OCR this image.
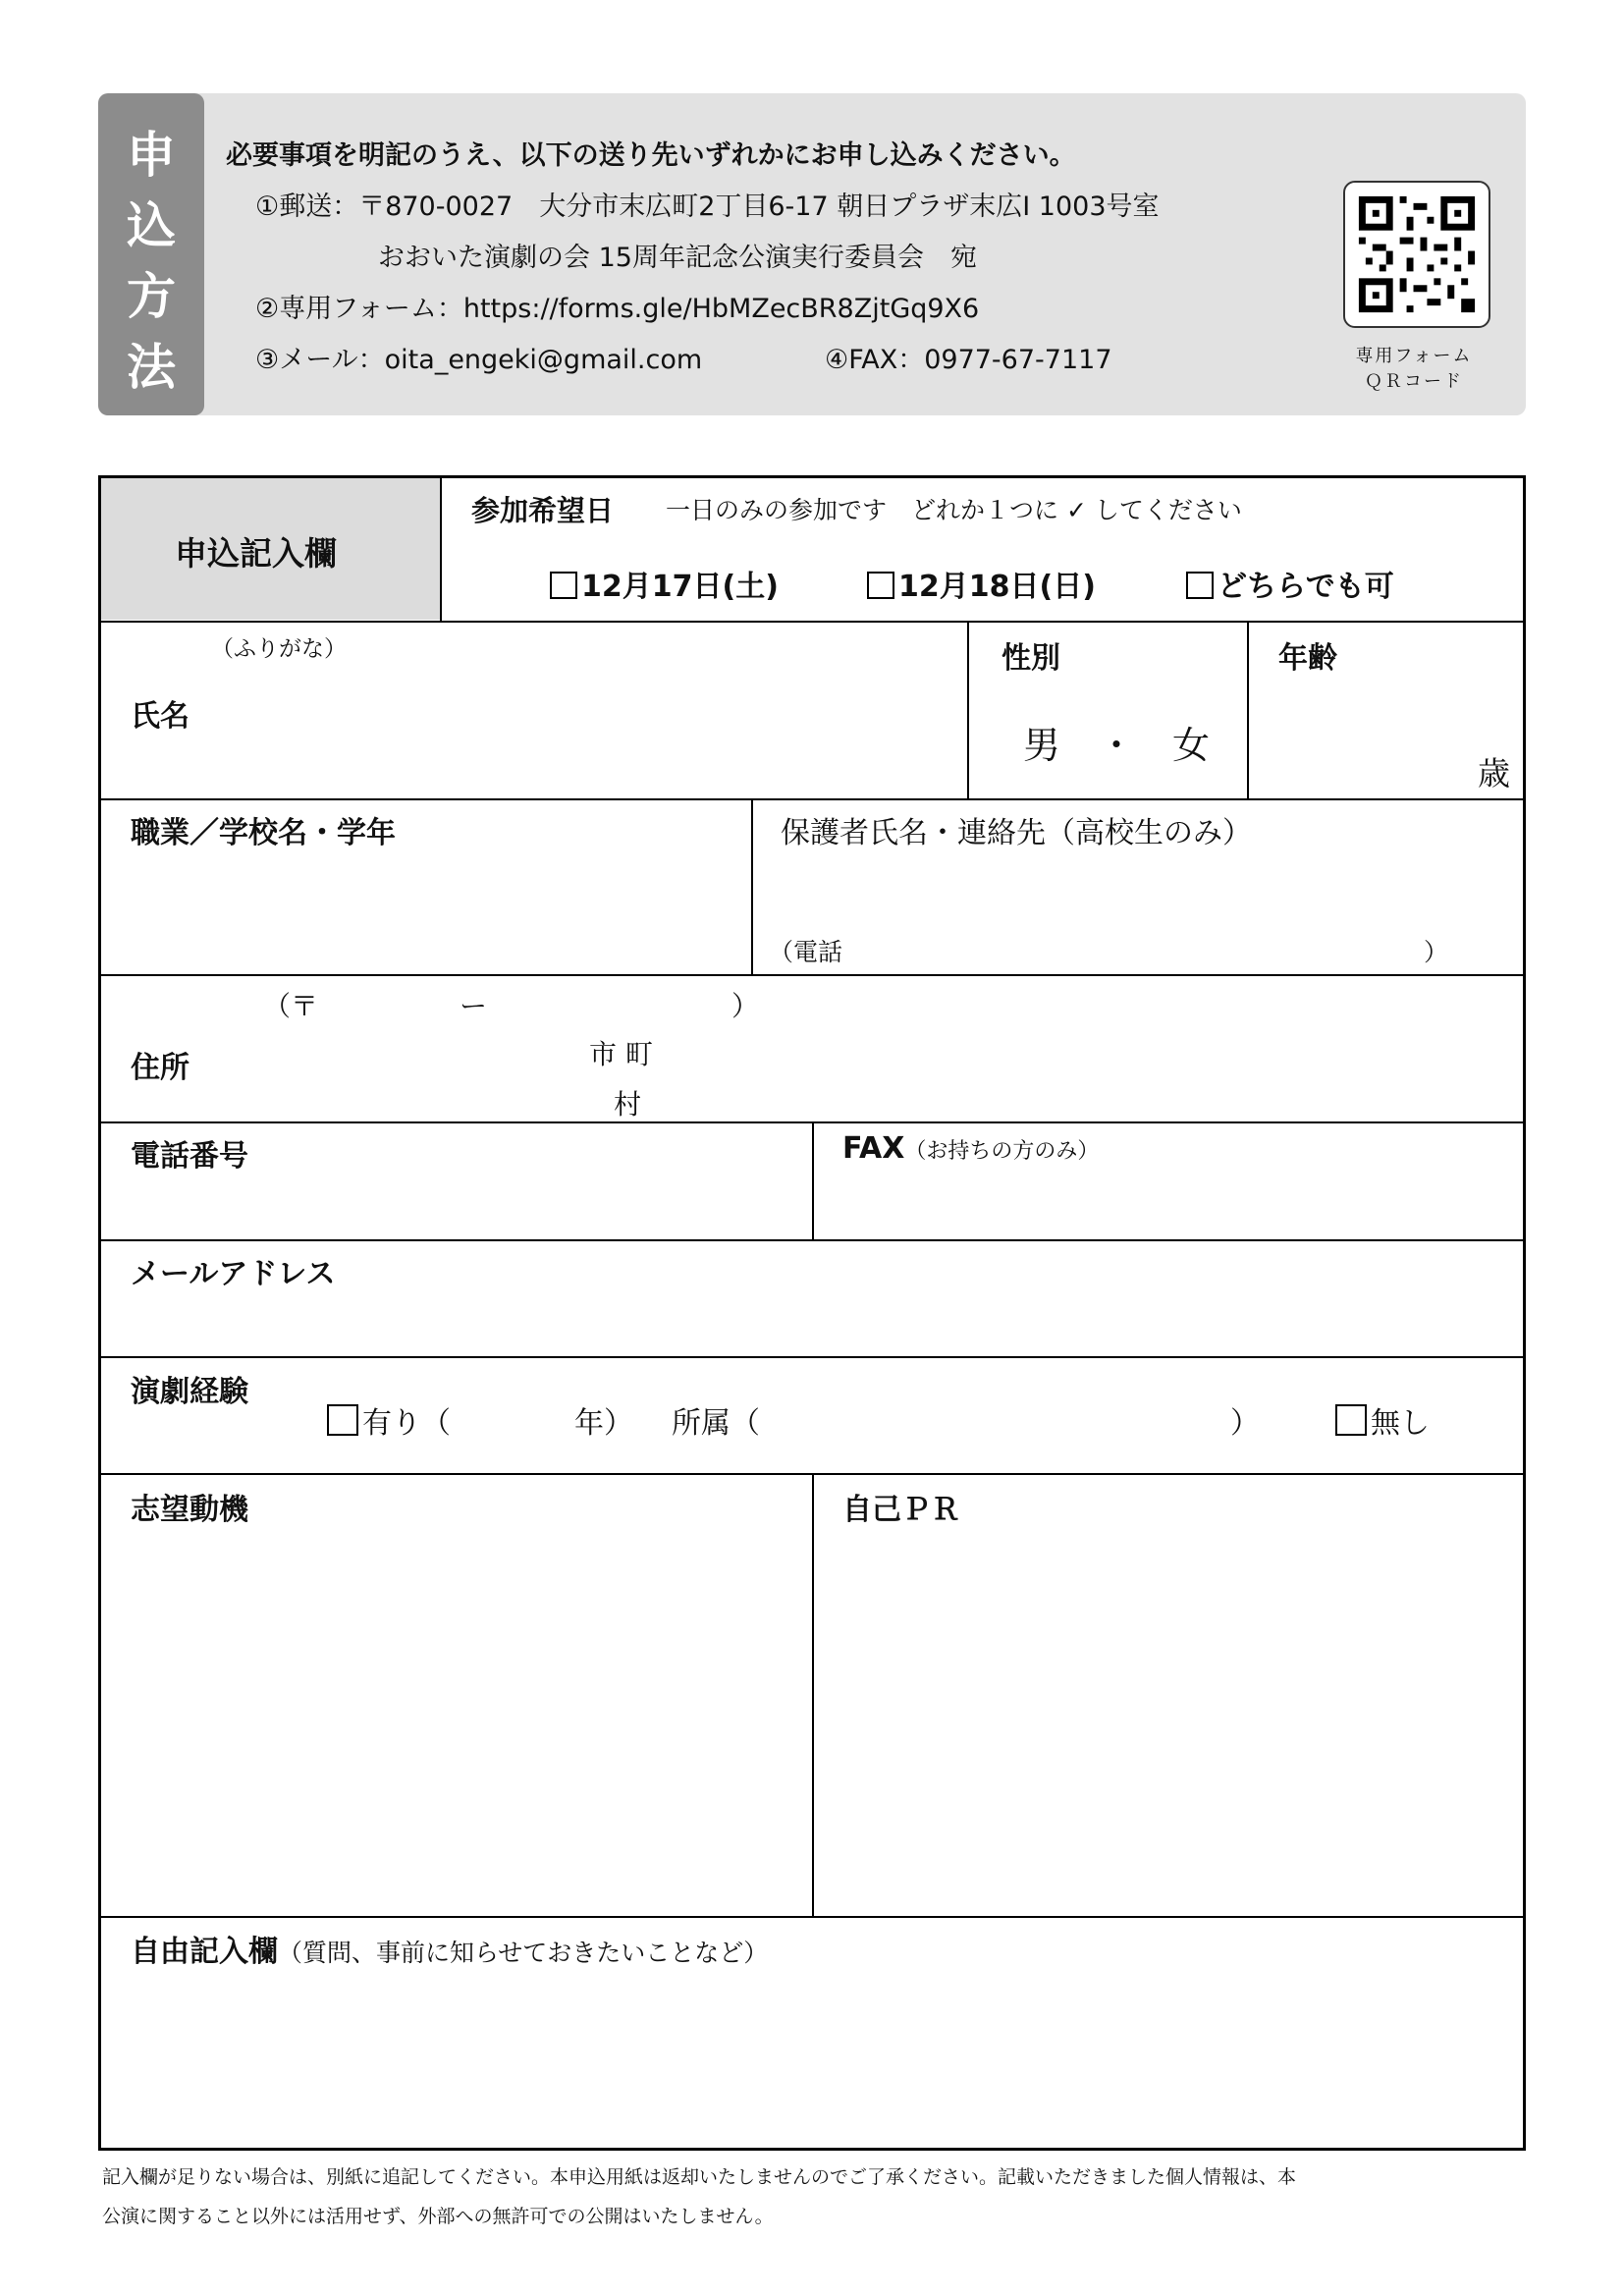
申
込
方
法
必要事項を明記のうえ、以下の送り先いずれかにお申し込みください。
①郵送：〒870-0027　大分市末広町2丁目6-17 朝日プラザ末広Ⅰ 1003号室
おおいた演劇の会 15周年記念公演実行委員会　宛
②専用フォーム：https://forms.gle/HbMZecBR8ZjtGq9X6
③メール：oita_engeki@gmail.com	④FAX：0977-67-7117	専用フォーム
ＱＲコード
申込記入欄
参加希望日 一日のみの参加です　どれか１つに ✓ してください
12月17日(土)	12月18日(日)	どちらでも可
（ふりがな）
氏名
性別
男　・　女
年齢
歳
職業／学校名・学年	保護者氏名・連絡先（高校生のみ）
（電話	）
（〒	ー	）
住所	市 町
村
電話番号	FAX（お持ちの方のみ）
メールアドレス
演劇経験
有り（	年） 所属（	）	無し
志望動機	自己ＰＲ
自由記入欄（質問、事前に知らせておきたいことなど）
記入欄が足りない場合は、別紙に追記してください。本申込用紙は返却いたしませんのでご了承ください。記載いただきました個人情報は、本
公演に関すること以外には活用せず、外部への無許可での公開はいたしません。
